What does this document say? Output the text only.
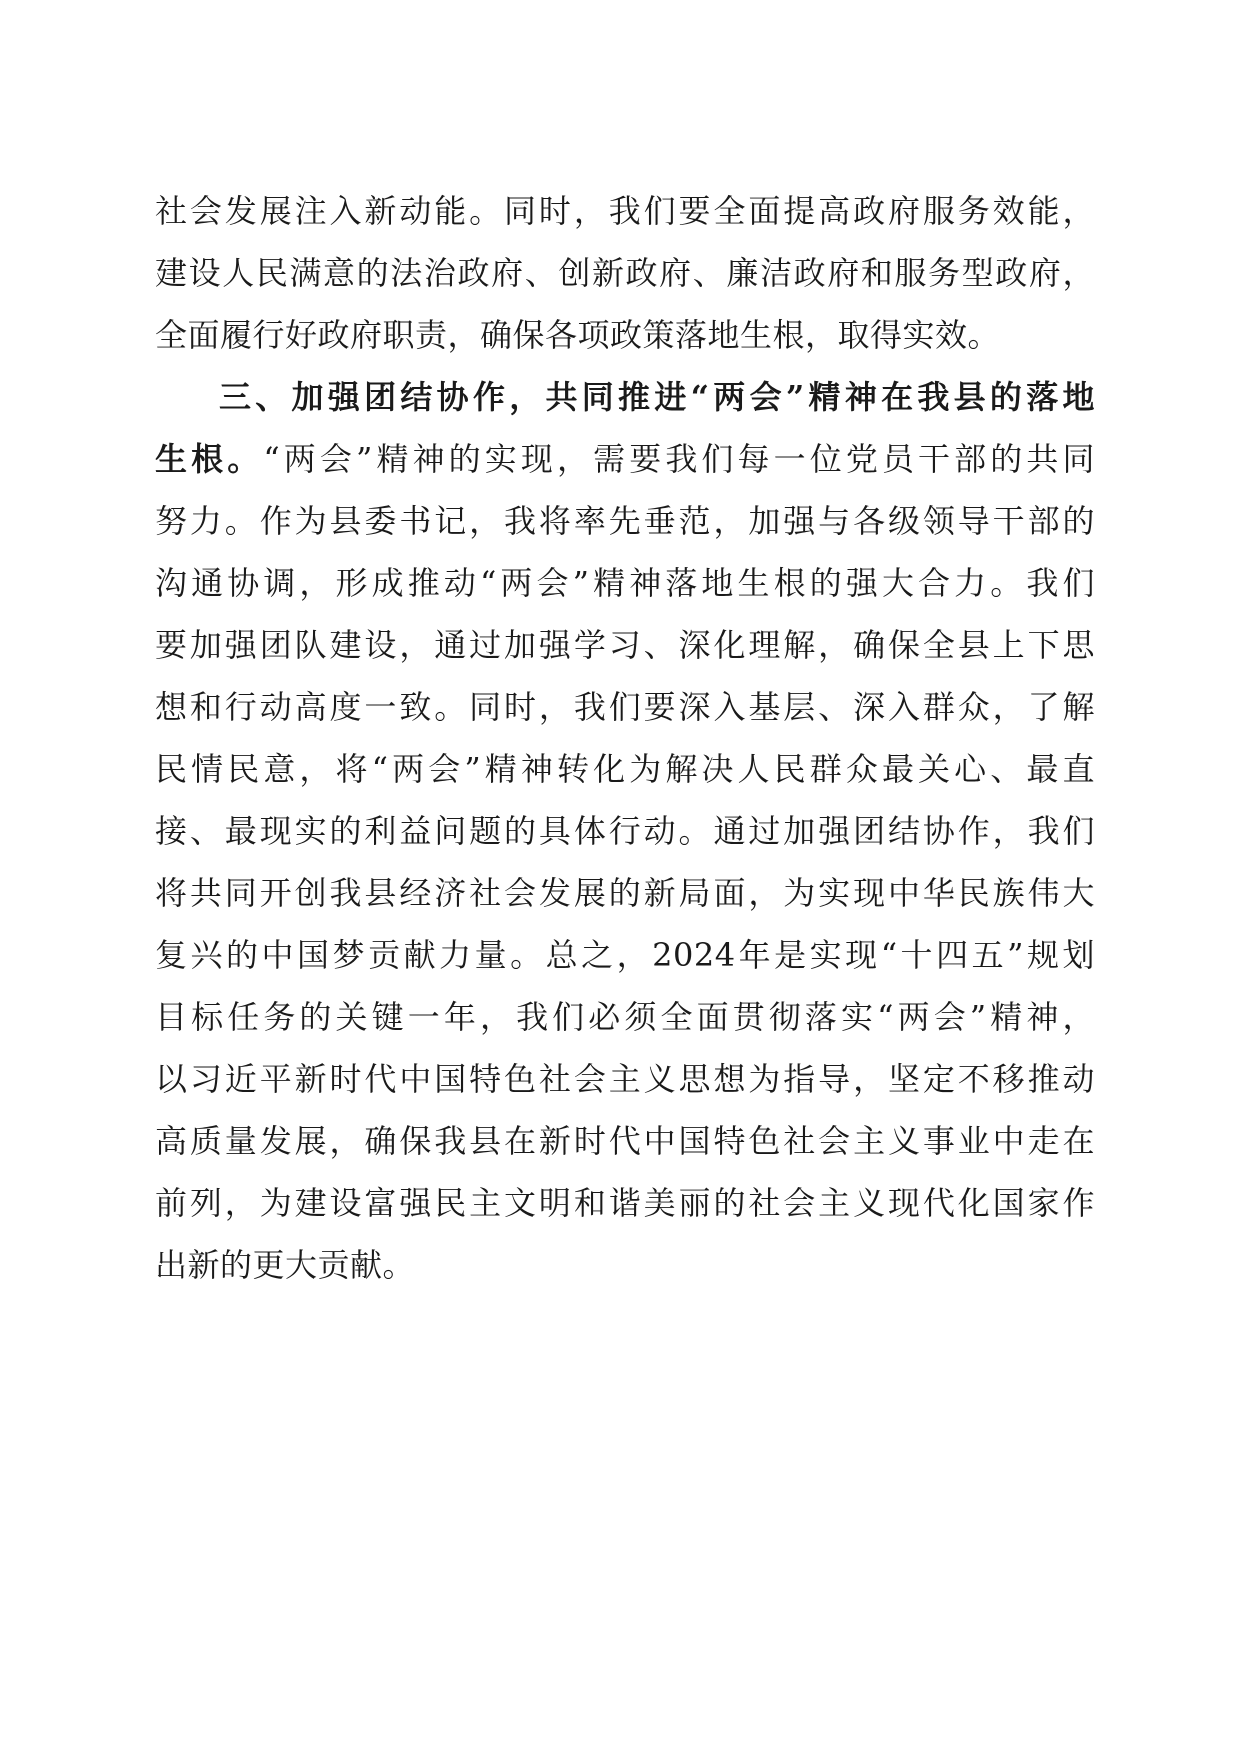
社会发展注入新动能。同时，我们要全面提高政府服务效能，
建设人民满意的法治政府、创新政府、廉洁政府和服务型政府，
全面履行好政府职责，确保各项政策落地生根，取得实效。
三、加强团结协作，共同推进“两会”精神在我县的落地
生根。“两会”精神的实现，需要我们每一位党员干部的共同
努力。作为县委书记，我将率先垂范，加强与各级领导干部的
沟通协调，形成推动“两会”精神落地生根的强大合力。我们
要加强团队建设，通过加强学习、深化理解，确保全县上下思
想和行动高度一致。同时，我们要深入基层、深入群众，了解
民情民意，将“两会”精神转化为解决人民群众最关心、最直
接、最现实的利益问题的具体行动。通过加强团结协作，我们
将共同开创我县经济社会发展的新局面，为实现中华民族伟大
复兴的中国梦贡献力量。总之，2024年是实现“十四五”规划
目标任务的关键一年，我们必须全面贯彻落实“两会”精神，
以习近平新时代中国特色社会主义思想为指导，坚定不移推动
高质量发展，确保我县在新时代中国特色社会主义事业中走在
前列，为建设富强民主文明和谐美丽的社会主义现代化国家作
出新的更大贡献。
